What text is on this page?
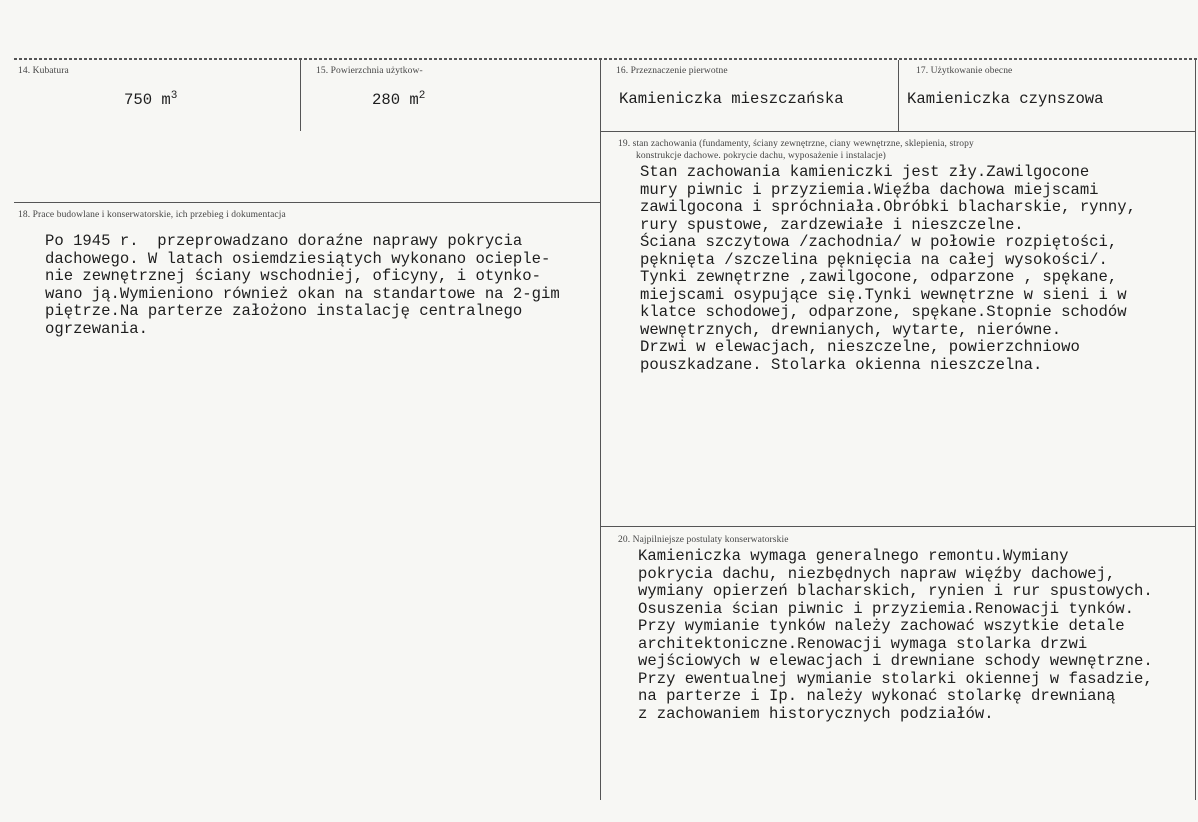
14. Kubatura
750 $m^3$
15. Powierzchnia użytkow-
280 $m^2$
16. Przeznaczenie pierwotne
Kamieniczka mieszczańska
17. Użytkowanie obecne
Kamieniczka czynszowa
18. Prace budowlane i konserwatorskie, ich przebieg i dokumentacja
Po 1945 r.  przeprowadzano doraźne naprawy pokrycia
dachowego. W latach osiemdziesiątych wykonano ocieple-
nie zewnętrznej ściany wschodniej, oficyny, i otynko-
wano ją.Wymieniono również okan na standartowe na 2-gim
piętrze.Na parterze założono instalację centralnego
ogrzewania.
19. stan zachowania (fundamenty, ściany zewnętrzne, ciany wewnętrzne, sklepienia, stropy
konstrukcje dachowe. pokrycie dachu, wyposażenie i instalacje)
Stan zachowania kamieniczki jest zły.Zawilgocone
mury piwnic i przyziemia.Więźba dachowa miejscami
zawilgocona i spróchniała.Obróbki blacharskie, rynny,
rury spustowe, zardzewiałe i nieszczelne.
Ściana szczytowa /zachodnia/ w połowie rozpiętości,
pęknięta /szczelina pęknięcia na całej wysokości/.
Tynki zewnętrzne ,zawilgocone, odparzone , spękane,
miejscami osypujące się.Tynki wewnętrzne w sieni i w
klatce schodowej, odparzone, spękane.Stopnie schodów
wewnętrznych, drewnianych, wytarte, nierówne.
Drzwi w elewacjach, nieszczelne, powierzchniowo
pouszkadzane. Stolarka okienna nieszczelna.
20. Najpilniejsze postulaty konserwatorskie
Kamieniczka wymaga generalnego remontu.Wymiany
pokrycia dachu, niezbędnych napraw więźby dachowej,
wymiany opierzeń blacharskich, rynien i rur spustowych.
Osuszenia ścian piwnic i przyziemia.Renowacji tynków.
Przy wymianie tynków należy zachować wszytkie detale
architektoniczne.Renowacji wymaga stolarka drzwi
wejściowych w elewacjach i drewniane schody wewnętrzne.
Przy ewentualnej wymianie stolarki okiennej w fasadzie,
na parterze i Ip. należy wykonać stolarkę drewnianą
z zachowaniem historycznych podziałów.
